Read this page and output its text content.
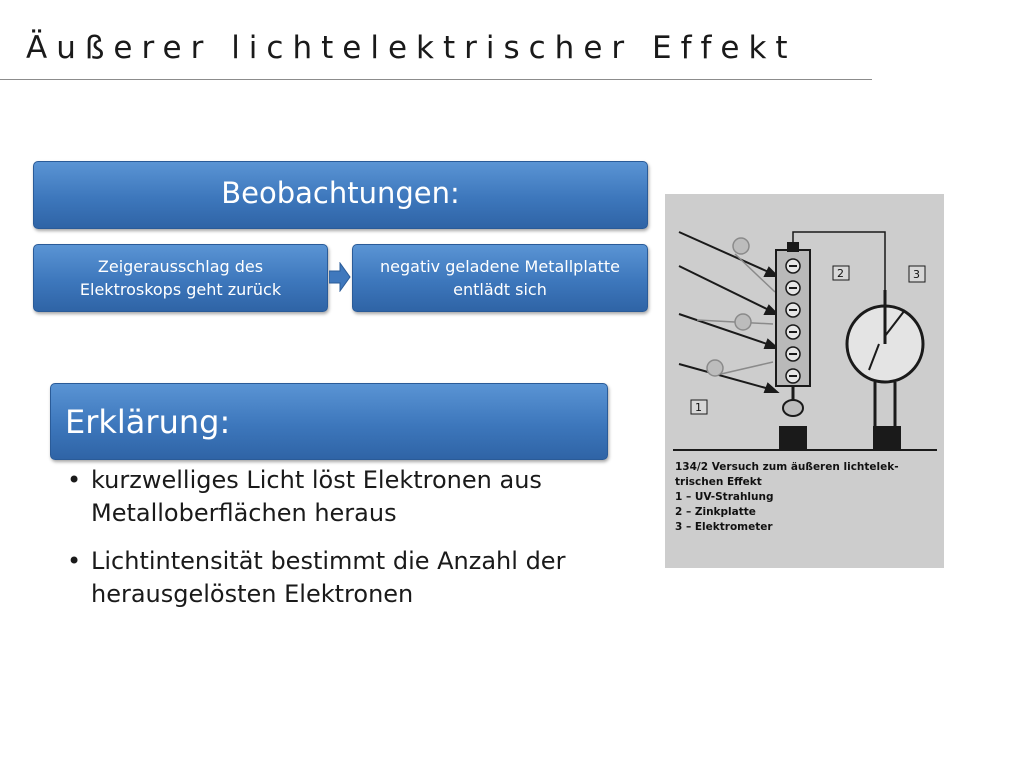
Äußerer lichtelektrischer Effekt
Beobachtungen:
Zeigerausschlag des Elektroskops geht zurück
negativ geladene Metallplatte entlädt sich
Erklärung:
• kurzwelliges Licht löst Elektronen aus Metalloberflächen heraus
• Lichtintensität bestimmt die Anzahl der herausgelösten Elektronen
2	3
1
134/2 Versuch zum äußeren lichtelek-
trischen Effekt
1 – UV-Strahlung
2 – Zinkplatte
3 – Elektrometer
